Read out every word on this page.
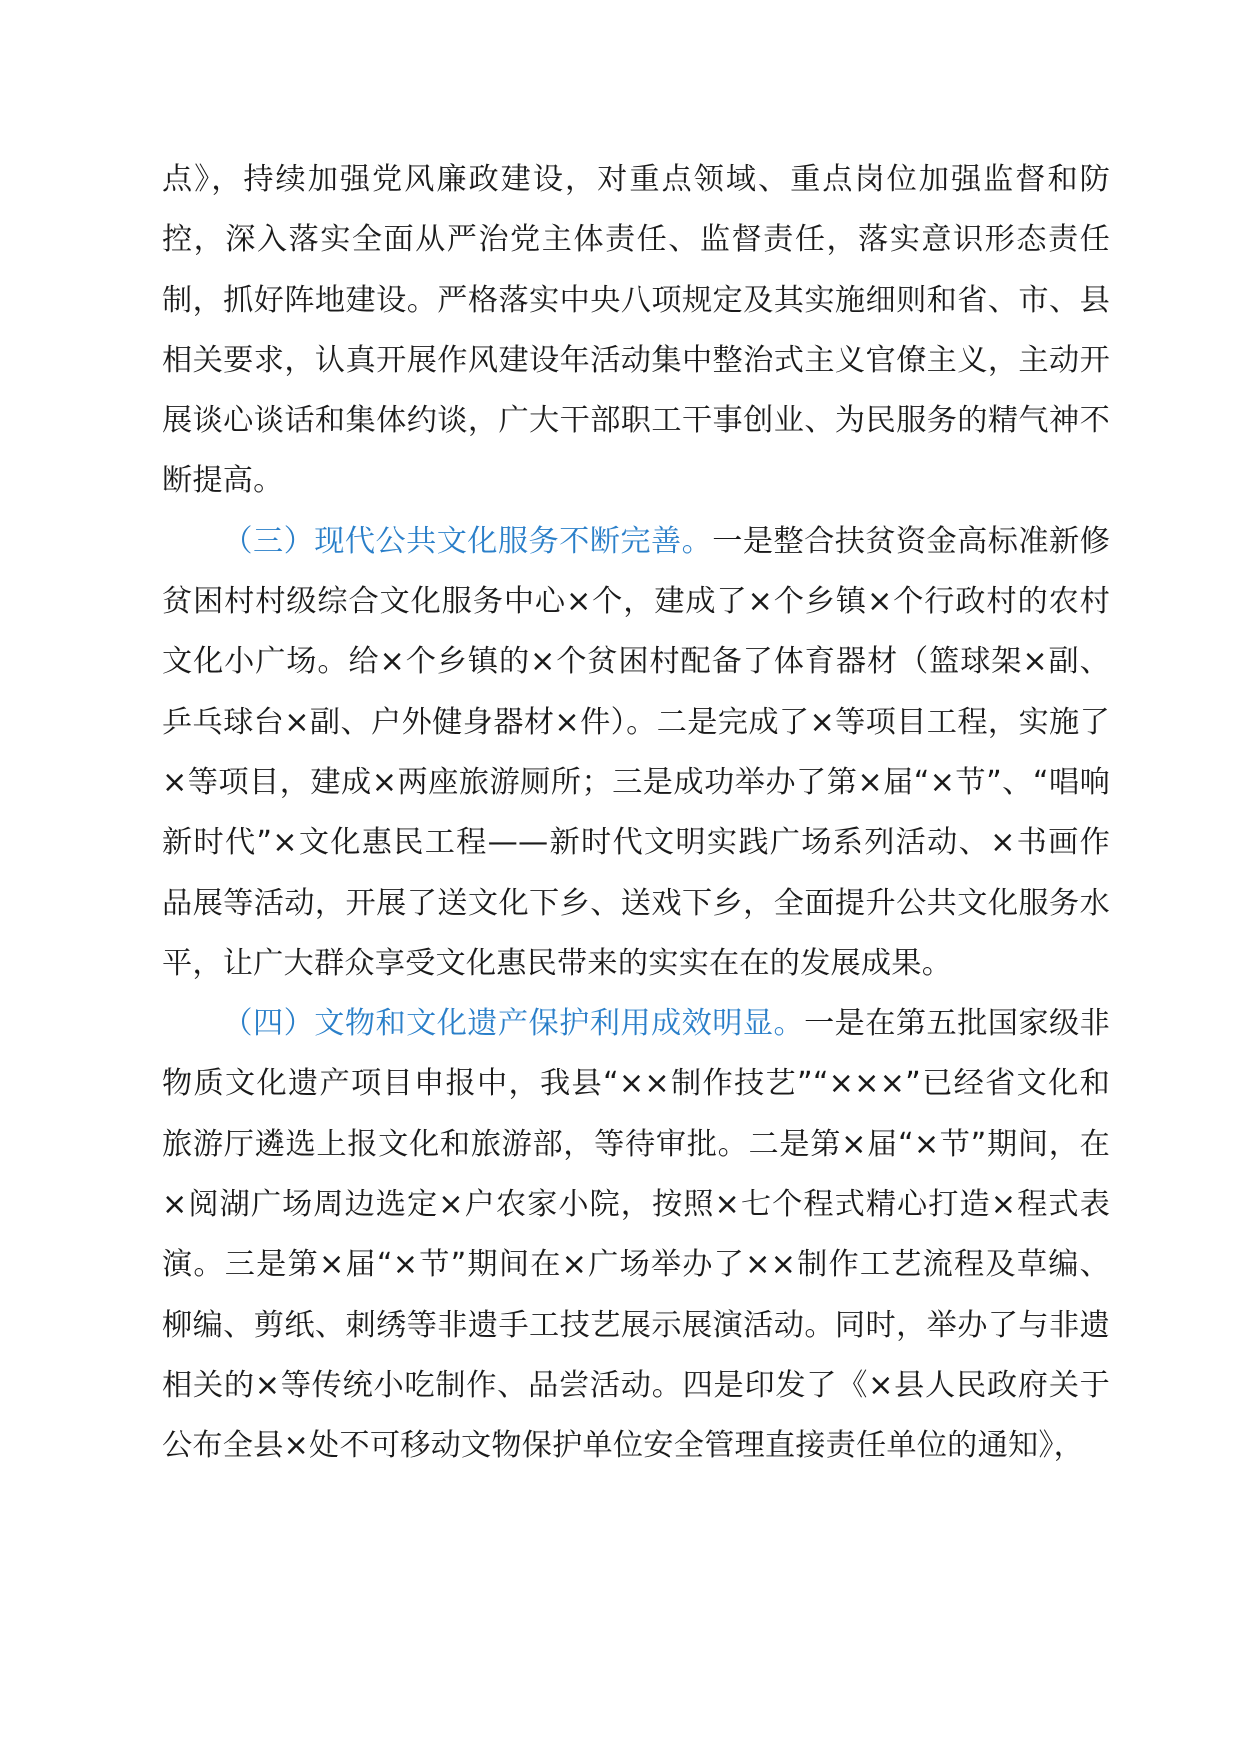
点》，持续加强党风廉政建设，对重点领域、重点岗位加强监督和防控，深入落实全面从严治党主体责任、监督责任，落实意识形态责任制，抓好阵地建设。严格落实中央八项规定及其实施细则和省、市、县相关要求，认真开展作风建设年活动集中整治式主义官僚主义，主动开展谈心谈话和集体约谈，广大干部职工干事创业、为民服务的精气神不断提高。

（三）现代公共文化服务不断完善。一是整合扶贫资金高标准新修贫困村村级综合文化服务中心×个，建成了×个乡镇×个行政村的农村文化小广场。给×个乡镇的×个贫困村配备了体育器材（篮球架×副、乒乓球台×副、户外健身器材×件）。二是完成了×等项目工程，实施了×等项目，建成×两座旅游厕所；三是成功举办了第×届“×节”、“唱响新时代”×文化惠民工程——新时代文明实践广场系列活动、×书画作品展等活动，开展了送文化下乡、送戏下乡，全面提升公共文化服务水平，让广大群众享受文化惠民带来的实实在在的发展成果。

（四）文物和文化遗产保护利用成效明显。一是在第五批国家级非物质文化遗产项目申报中，我县“××制作技艺”“×××”已经省文化和旅游厅遴选上报文化和旅游部，等待审批。二是第×届“×节”期间，在×阅湖广场周边选定×户农家小院，按照×七个程式精心打造×程式表演。三是第×届“×节”期间在×广场举办了××制作工艺流程及草编、柳编、剪纸、刺绣等非遗手工技艺展示展演活动。同时，举办了与非遗相关的×等传统小吃制作、品尝活动。四是印发了《×县人民政府关于公布全县×处不可移动文物保护单位安全管理直接责任单位的通知》，
